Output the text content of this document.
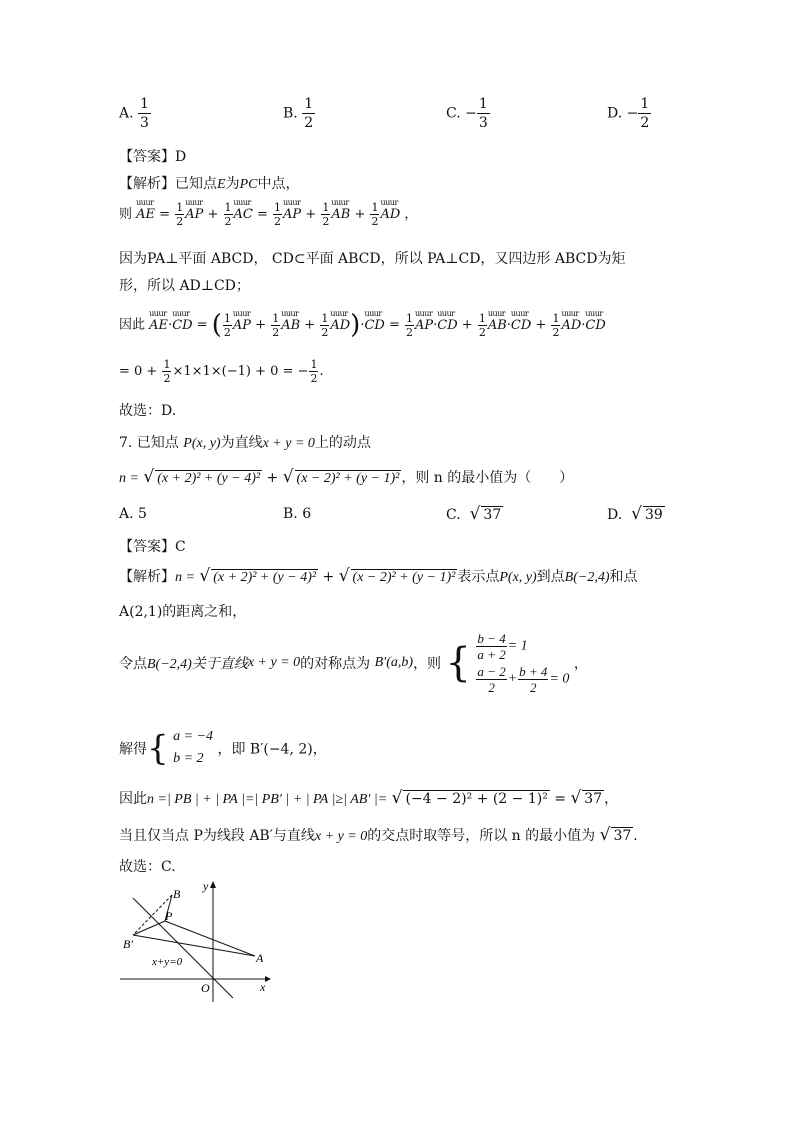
A. $\frac{1}{3}$	B. $\frac{1}{2}$	C. − $\frac{1}{3}$	D. − $\frac{1}{2}$
【答案】D
【解析】已知点E为PC中点，
则 uuur AE = $\frac{1}{2}$ uuur AP + $\frac{1}{2}$ uuur AC = $\frac{1}{2}$ uuur AP + $\frac{1}{2}$ uuur AB + $\frac{1}{2}$ uuur AD ，
因为PA⊥平面 ABCD， CD⊂平面 ABCD，所以 PA⊥CD，又四边形 ABCD为矩
形，所以 AD⊥CD；
因此 uuur AE·uuur CD = ( $\frac{1}{2}$ uuur AP + $\frac{1}{2}$ uuur AB + $\frac{1}{2}$ uuur AD)·uuur CD = $\frac{1}{2}$ uuur AP·uuur CD + $\frac{1}{2}$ uuur AB·uuur CD + $\frac{1}{2}$ uuur AD·uuur CD
= $0 + \frac{1}{2} \times 1\times 1\times(-1) + 0$ = − $\frac{1}{2}$ .
故选：D.
7. 已知点 P(x, y)为直线x + y = 0上的动点
n = √ (x + 2)² + (y − 4)² + √ (x − 2)² + (y − 1)² ，则 n 的最小值为（　　）
A. 5	B. 6	C. √ 37	D. √ 39
【答案】C
【解析】n = √ (x + 2)² + (y − 4)² + √ (x − 2)² + (y − 1)² 表示点P(x, y)到点B(−2,4)和点
A(2,1)的距离之和，
令点B(−2,4)关于直线x + y = 0的对称点为 B′(a,b)，则 { $\frac{b - 4}{a + 2} = 1$
$\frac{a - 2}{2} + \frac{b + 4}{2} = 0$
，
解得{ a = −4
b = 2
，即 B′(−4, 2)，
因此n =| PB | + | PA |=| PB′ | + | PA |≥| AB′ |= √ (−4 − 2)² + (2 − 1)² = √ 37 ，
当且仅当点 P为线段 AB′与直线x + y = 0的交点时取等号，所以 n 的最小值为 √ 37 .
故选：C.
y
x
O
B
P
B′
A
x+y=0
